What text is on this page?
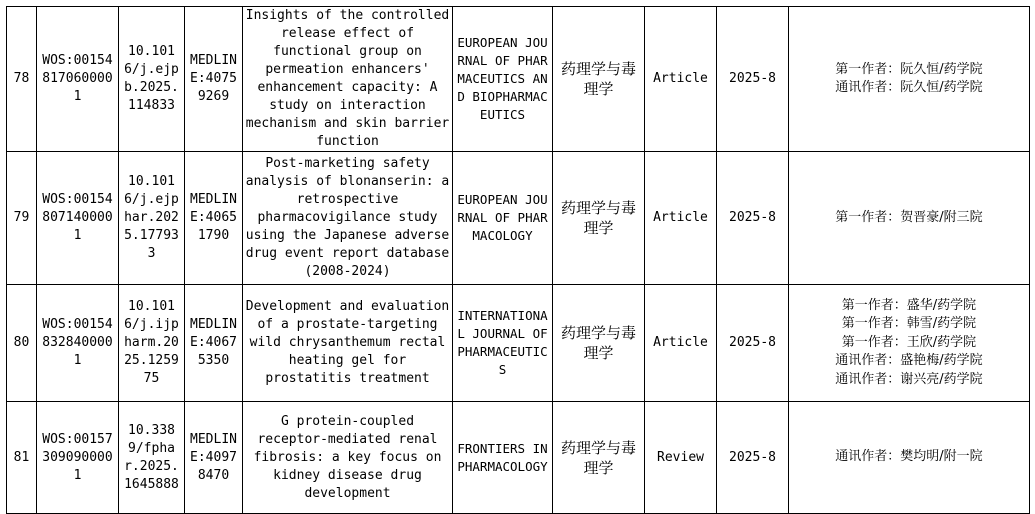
78	WOS:001548170600001	10.1016/j.ejpb.2025.114833	MEDLINE:40759269	Insights of the controlled release effect of functional group on permeation enhancers' enhancement capacity: A study on interaction mechanism and skin barrier function	EUROPEAN JOURNAL OF PHARMACEUTICS AND BIOPHARMACEUTICS	药理学与毒理学	Article	2025-8	第一作者：阮久恒/药学院
通讯作者：阮久恒/药学院

79	WOS:001548071400001	10.1016/j.ejphar.2025.177933	MEDLINE:40651790	Post-marketing safety analysis of blonanserin: a retrospective pharmacovigilance study using the Japanese adverse drug event report database (2008-2024)	EUROPEAN JOURNAL OF PHARMACOLOGY	药理学与毒理学	Article	2025-8	第一作者：贺晋豪/附三院

80	WOS:001548328400001	10.1016/j.ijpharm.2025.125975	MEDLINE:40675350	Development and evaluation of a prostate-targeting wild chrysanthemum rectal heating gel for prostatitis treatment	INTERNATIONAL JOURNAL OF PHARMACEUTICS	药理学与毒理学	Article	2025-8	第一作者：盛华/药学院
第一作者：韩雪/药学院
第一作者：王欣/药学院
通讯作者：盛艳梅/药学院
通讯作者：谢兴亮/药学院

81	WOS:001573090900001	10.3389/fphar.2025.1645888	MEDLINE:40978470	G protein-coupled receptor-mediated renal fibrosis: a key focus on kidney disease drug development	FRONTIERS IN PHARMACOLOGY	药理学与毒理学	Review	2025-8	通讯作者：樊均明/附一院
